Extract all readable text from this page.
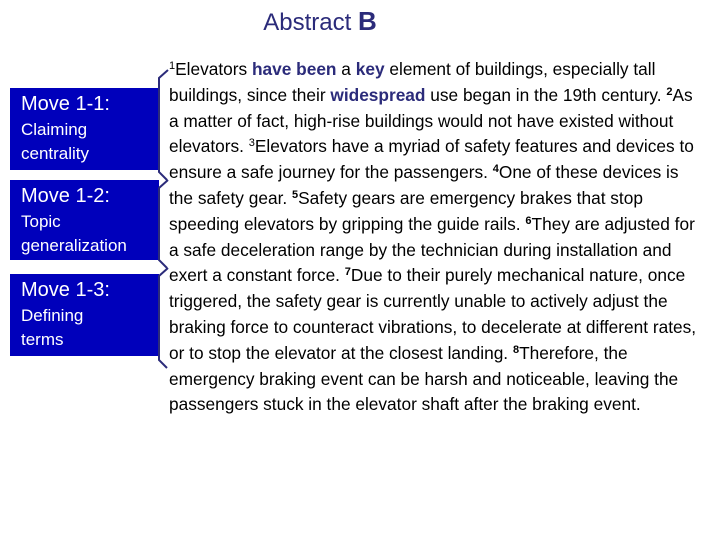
Abstract B
Move 1-1:
Claiming
centrality
Move 1-2:
Topic
generalization
Move 1-3:
Defining
terms
$^1$Elevators have been a key element of buildings, especially tall buildings, since their widespread use began in the 19th century. $^2$As a matter of fact, high-rise buildings would not have existed without elevators. $^3$Elevators have a myriad of safety features and devices to ensure a safe journey for the passengers. $^4$One of these devices is the safety gear. $^5$Safety gears are emergency brakes that stop speeding elevators by gripping the guide rails. $^6$They are adjusted for a safe deceleration range by the technician during installation and exert a constant force. $^7$Due to their purely mechanical nature, once triggered, the safety gear is currently unable to actively adjust the braking force to counteract vibrations, to decelerate at different rates, or to stop the elevator at the closest landing. $^8$Therefore, the emergency braking event can be harsh and noticeable, leaving the passengers stuck in the elevator shaft after the braking event.
